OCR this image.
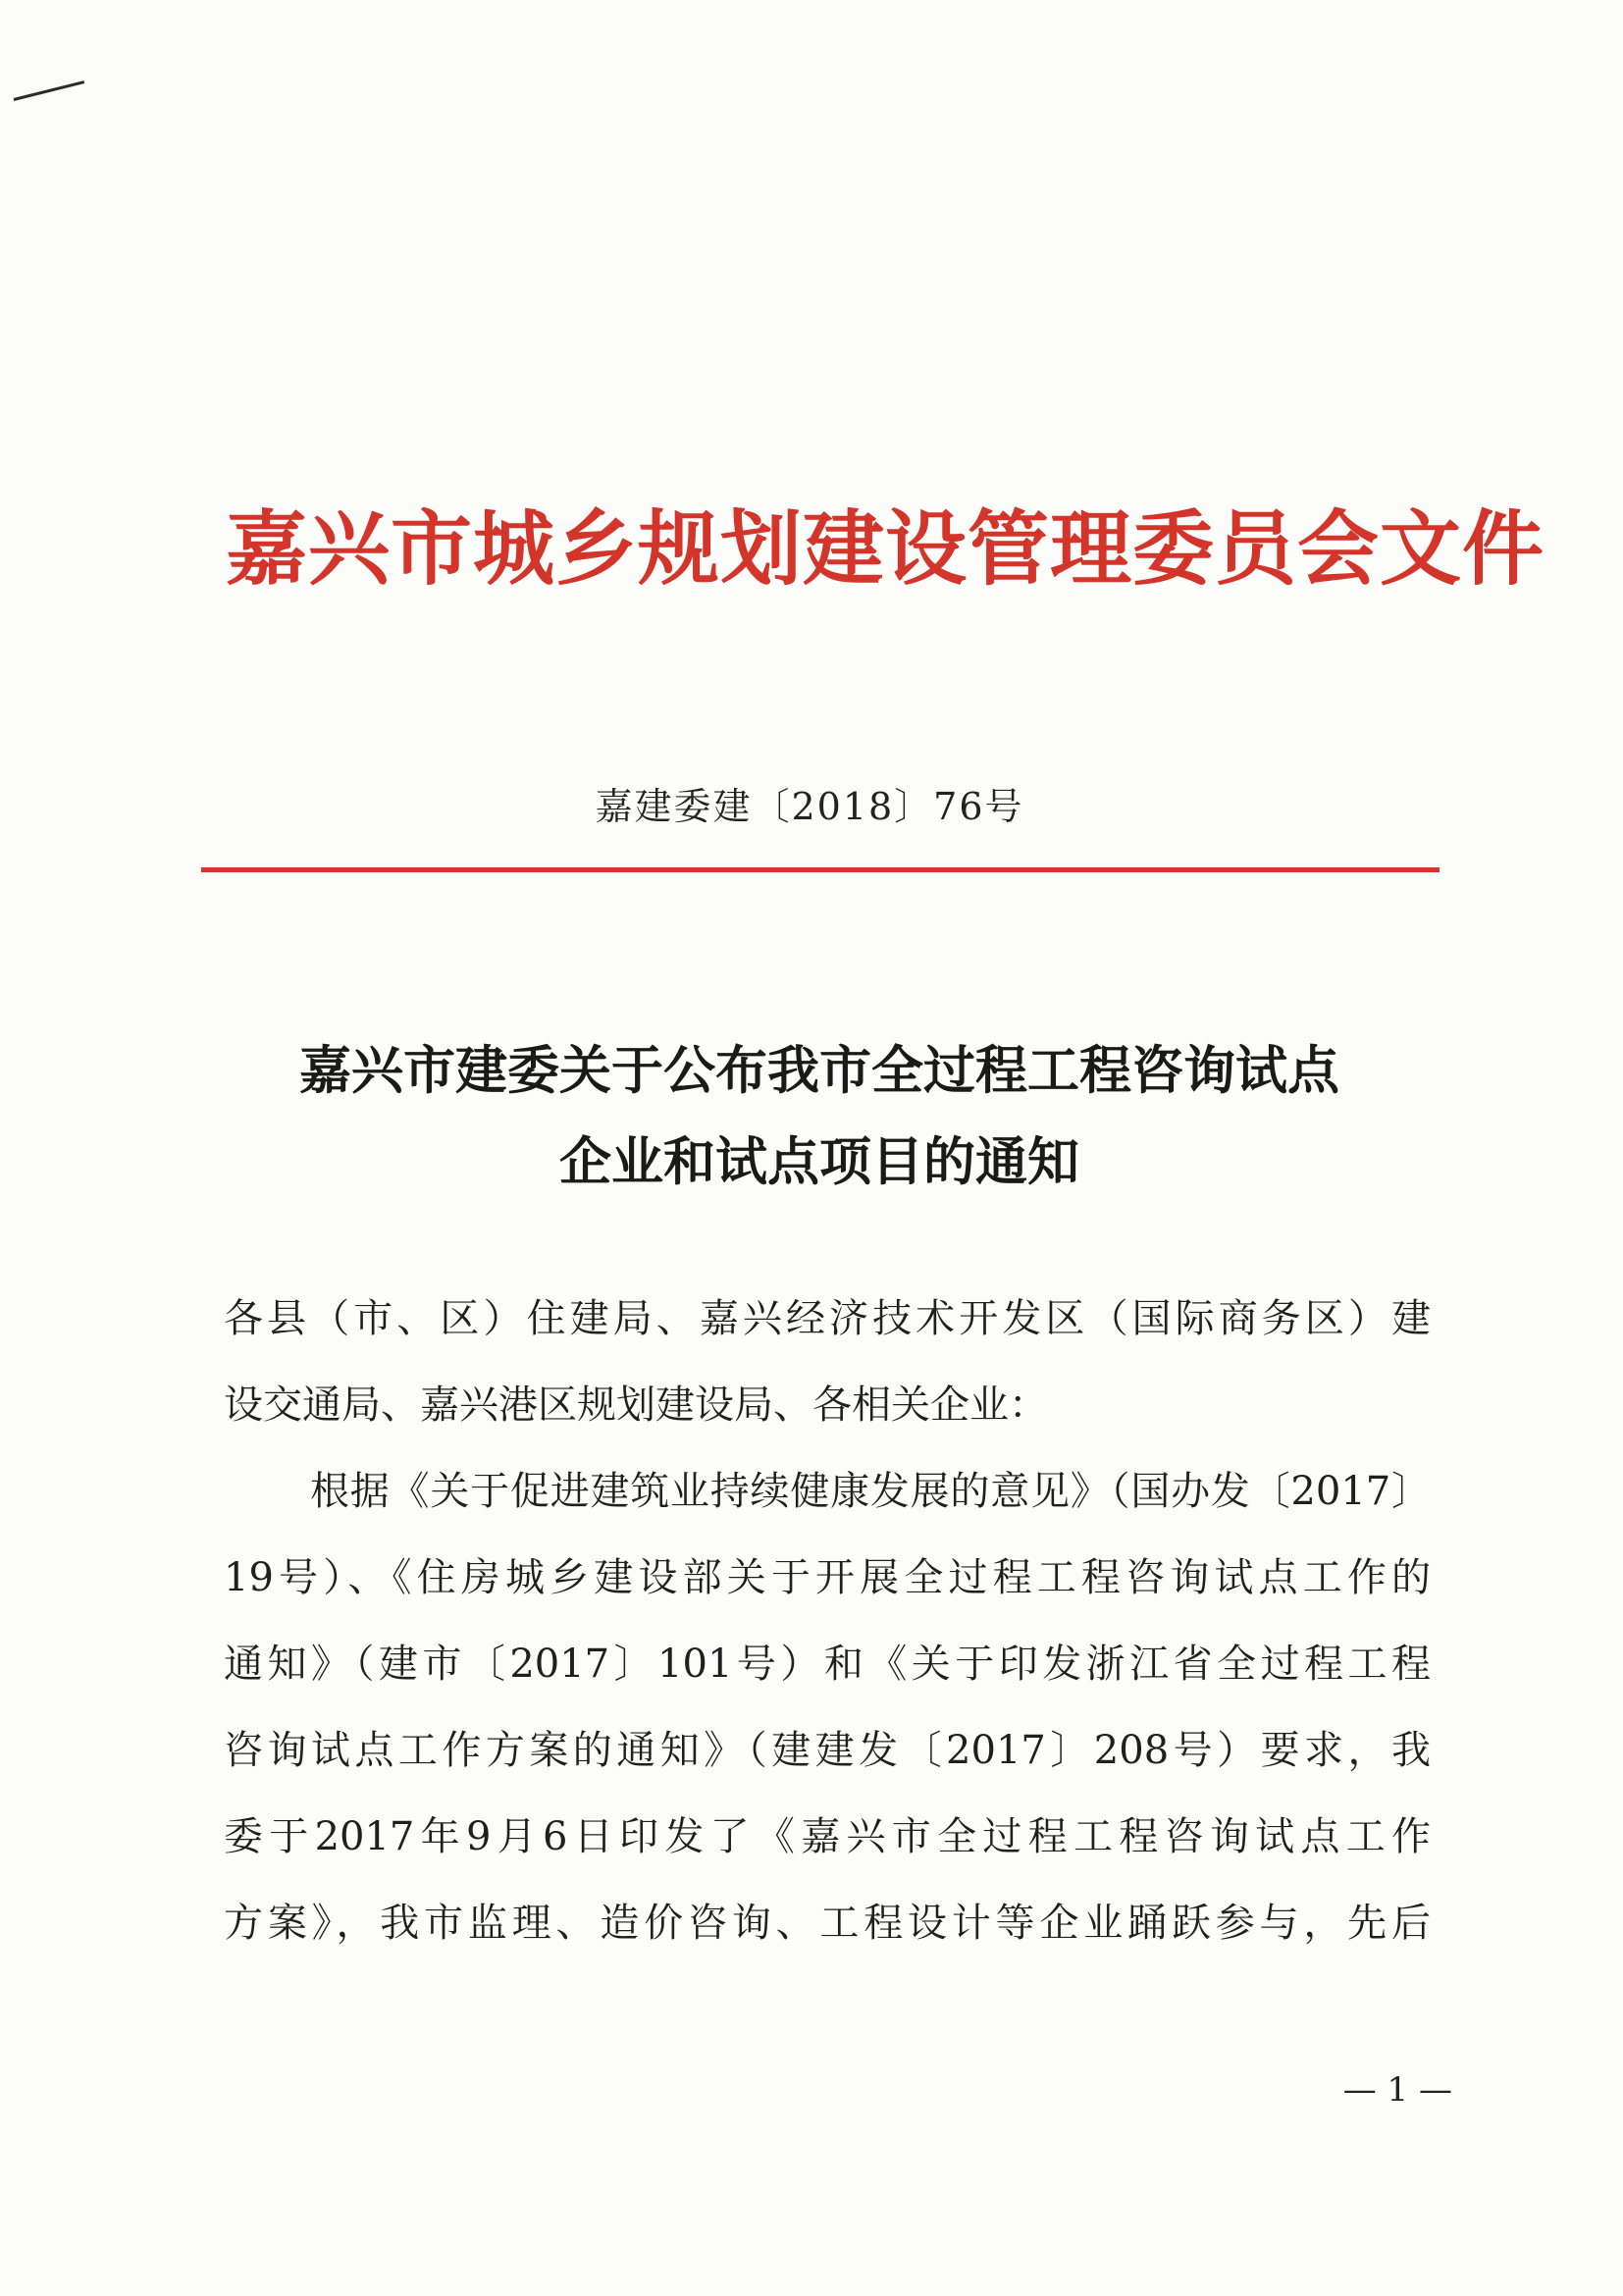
嘉兴市城乡规划建设管理委员会文件
嘉建委建〔2018〕76号
嘉兴市建委关于公布我市全过程工程咨询试点
企业和试点项目的通知
各县（市、区）住建局、嘉兴经济技术开发区（国际商务区）建
设交通局、嘉兴港区规划建设局、各相关企业：
根据《关于促进建筑业持续健康发展的意见》（国办发〔2017〕
19号）、《住房城乡建设部关于开展全过程工程咨询试点工作的
通知》（建市〔2017〕101号）和《关于印发浙江省全过程工程
咨询试点工作方案的通知》（建建发〔2017〕208号）要求，我
委于2017年9月6日印发了《嘉兴市全过程工程咨询试点工作
方案》，我市监理、造价咨询、工程设计等企业踊跃参与，先后
— 1 —
